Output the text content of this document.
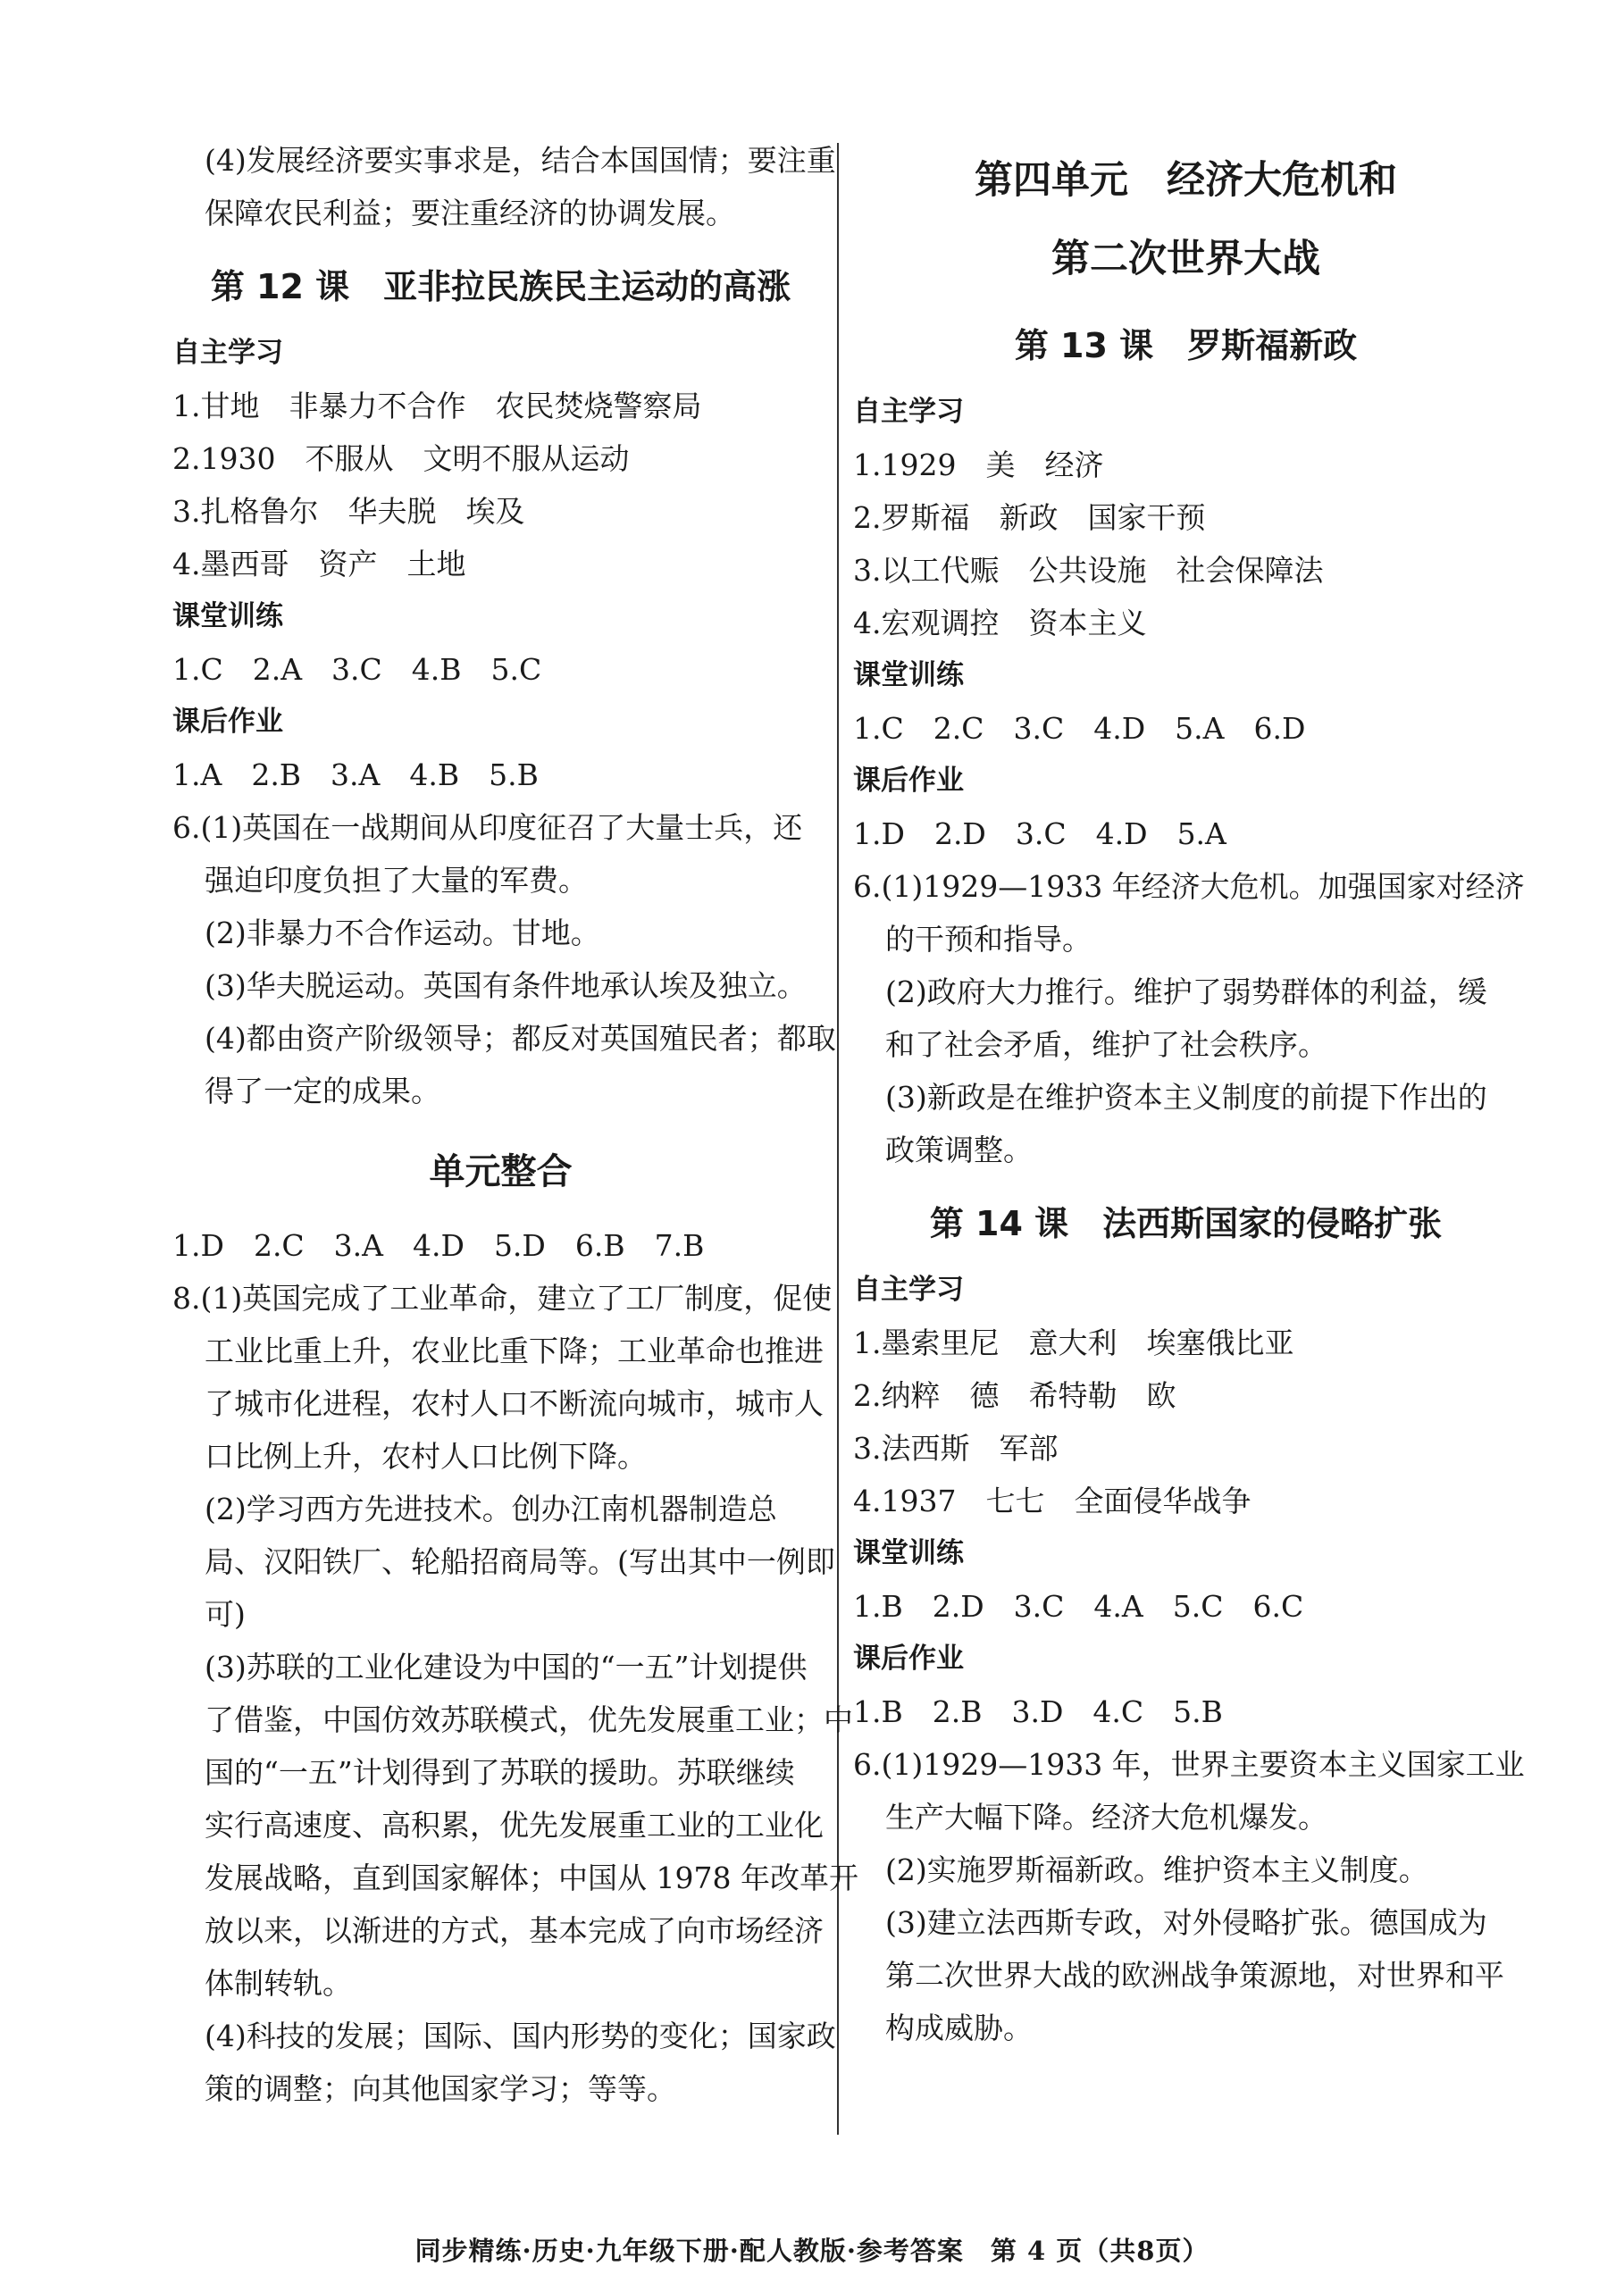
(4)发展经济要实事求是，结合本国国情；要注重
保障农民利益；要注重经济的协调发展。
第 12 课　亚非拉民族民主运动的高涨
自主学习
1.甘地　非暴力不合作　农民焚烧警察局
2.1930　不服从　文明不服从运动
3.扎格鲁尔　华夫脱　埃及
4.墨西哥　资产　土地
课堂训练
1.C　2.A　3.C　4.B　5.C
课后作业
1.A　2.B　3.A　4.B　5.B
6.(1)英国在一战期间从印度征召了大量士兵，还
强迫印度负担了大量的军费。
(2)非暴力不合作运动。甘地。
(3)华夫脱运动。英国有条件地承认埃及独立。
(4)都由资产阶级领导；都反对英国殖民者；都取
得了一定的成果。
单元整合
1.D　2.C　3.A　4.D　5.D　6.B　7.B
8.(1)英国完成了工业革命，建立了工厂制度，促使
工业比重上升，农业比重下降；工业革命也推进
了城市化进程，农村人口不断流向城市，城市人
口比例上升，农村人口比例下降。
(2)学习西方先进技术。创办江南机器制造总
局、汉阳铁厂、轮船招商局等。(写出其中一例即
可)
(3)苏联的工业化建设为中国的“一五”计划提供
了借鉴，中国仿效苏联模式，优先发展重工业；中
国的“一五”计划得到了苏联的援助。苏联继续
实行高速度、高积累，优先发展重工业的工业化
发展战略，直到国家解体；中国从 1978 年改革开
放以来，以渐进的方式，基本完成了向市场经济
体制转轨。
(4)科技的发展；国际、国内形势的变化；国家政
策的调整；向其他国家学习；等等。
第四单元　经济大危机和
第二次世界大战
第 13 课　罗斯福新政
自主学习
1.1929　美　经济
2.罗斯福　新政　国家干预
3.以工代赈　公共设施　社会保障法
4.宏观调控　资本主义
课堂训练
1.C　2.C　3.C　4.D　5.A　6.D
课后作业
1.D　2.D　3.C　4.D　5.A
6.(1)1929—1933 年经济大危机。加强国家对经济
的干预和指导。
(2)政府大力推行。维护了弱势群体的利益，缓
和了社会矛盾，维护了社会秩序。
(3)新政是在维护资本主义制度的前提下作出的
政策调整。
第 14 课　法西斯国家的侵略扩张
自主学习
1.墨索里尼　意大利　埃塞俄比亚
2.纳粹　德　希特勒　欧
3.法西斯　军部
4.1937　七七　全面侵华战争
课堂训练
1.B　2.D　3.C　4.A　5.C　6.C
课后作业
1.B　2.B　3.D　4.C　5.B
6.(1)1929—1933 年，世界主要资本主义国家工业
生产大幅下降。经济大危机爆发。
(2)实施罗斯福新政。维护资本主义制度。
(3)建立法西斯专政，对外侵略扩张。德国成为
第二次世界大战的欧洲战争策源地，对世界和平
构成威胁。
同步精练·历史·九年级下册·配人教版·参考答案　第 4 页（共8页）
